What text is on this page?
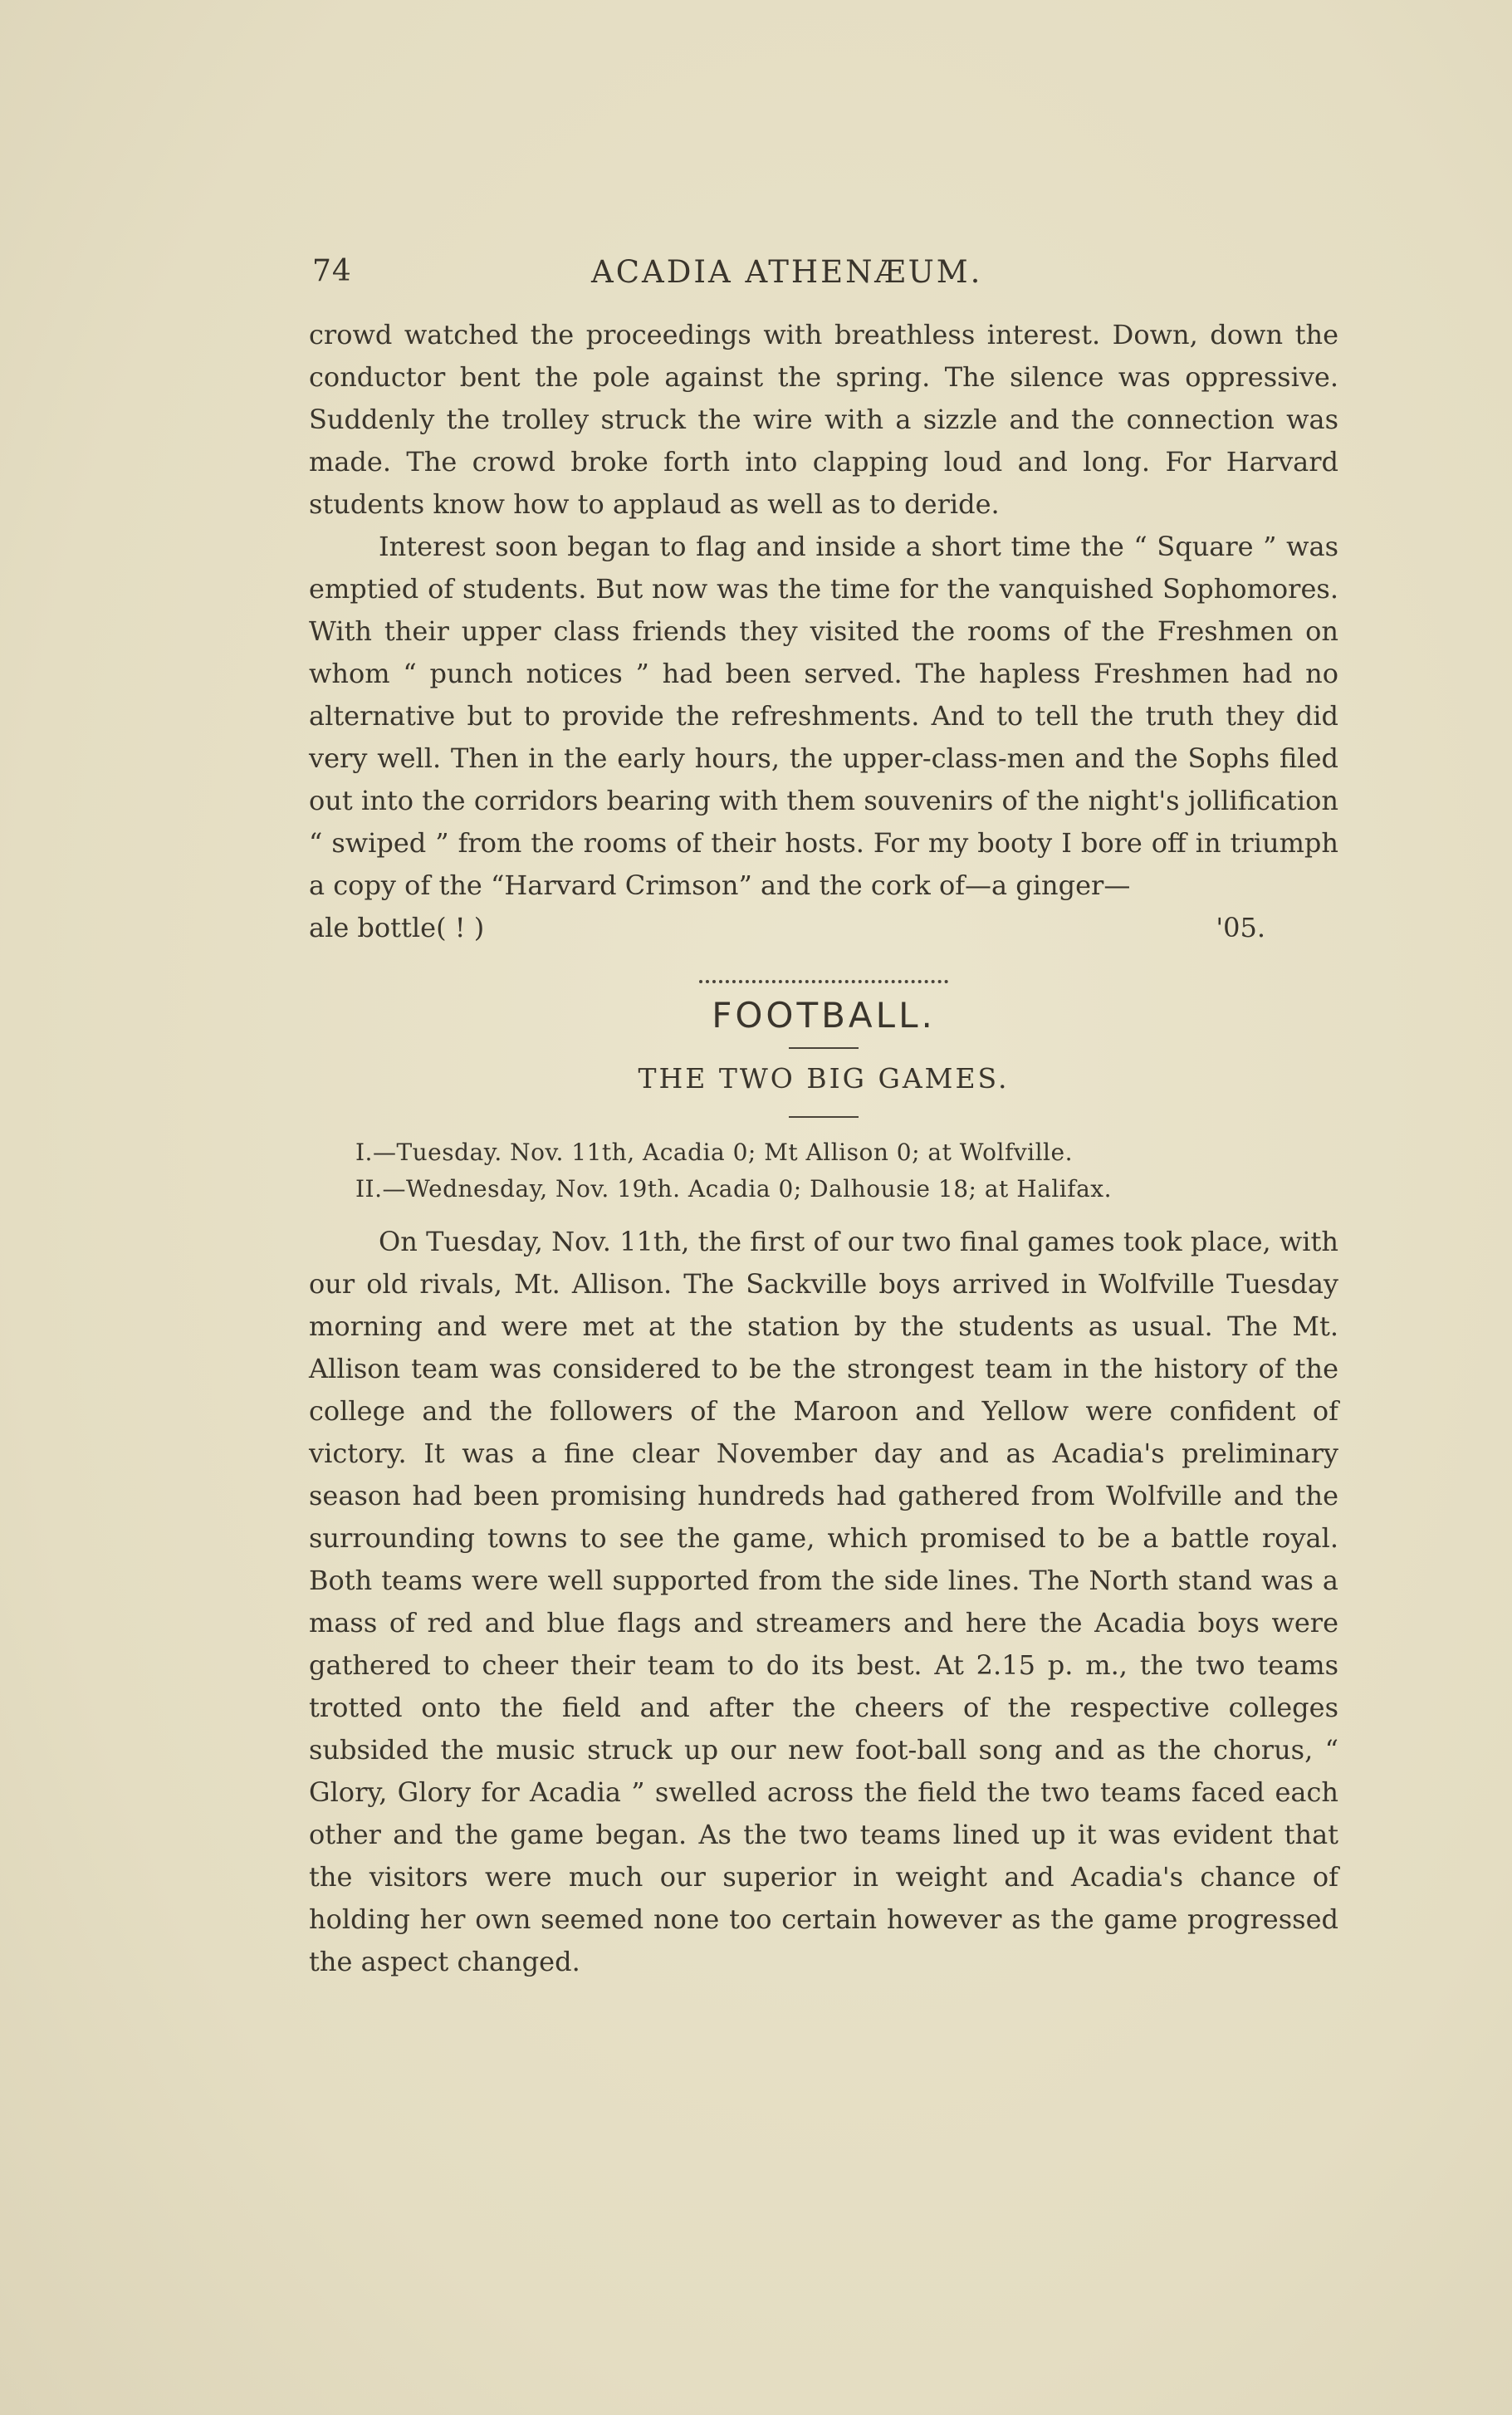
74	ACADIA ATHENÆUM.

crowd watched the proceedings with breathless interest. Down, down the conductor bent the pole against the spring. The silence was oppressive. Suddenly the trolley struck the wire with a sizzle and the connection was made. The crowd broke forth into clapping loud and long. For Harvard students know how to applaud as well as to deride.

Interest soon began to flag and inside a short time the “ Square ” was emptied of students. But now was the time for the vanquished Sophomores. With their upper class friends they visited the rooms of the Freshmen on whom “ punch notices ” had been served. The hapless Freshmen had no alternative but to provide the refreshments. And to tell the truth they did very well. Then in the early hours, the upper-class-men and the Sophs filed out into the corridors bearing with them souvenirs of the night's jollification “ swiped ” from the rooms of their hosts. For my booty I bore off in triumph a copy of the “Harvard Crimson” and the cork of—a ginger—

ale bottle( ! )	'05.
FOOTBALL.
THE TWO BIG GAMES.
I.—Tuesday. Nov. 11th, Acadia 0; Mt Allison 0; at Wolfville.
II.—Wednesday, Nov. 19th. Acadia 0; Dalhousie 18; at Halifax.

On Tuesday, Nov. 11th, the first of our two final games took place, with our old rivals, Mt. Allison. The Sackville boys arrived in Wolfville Tuesday morning and were met at the station by the students as usual. The Mt. Allison team was considered to be the strongest team in the history of the college and the followers of the Maroon and Yellow were confident of victory. It was a fine clear November day and as Acadia's preliminary season had been promising hundreds had gathered from Wolfville and the surrounding towns to see the game, which promised to be a battle royal. Both teams were well supported from the side lines. The North stand was a mass of red and blue flags and streamers and here the Acadia boys were gathered to cheer their team to do its best. At 2.15 p. m., the two teams trotted onto the field and after the cheers of the respective colleges subsided the music struck up our new foot-ball song and as the chorus, “ Glory, Glory for Acadia ” swelled across the field the two teams faced each other and the game began. As the two teams lined up it was evident that the visitors were much our superior in weight and Acadia's chance of holding her own seemed none too certain however as the game progressed the aspect changed.
